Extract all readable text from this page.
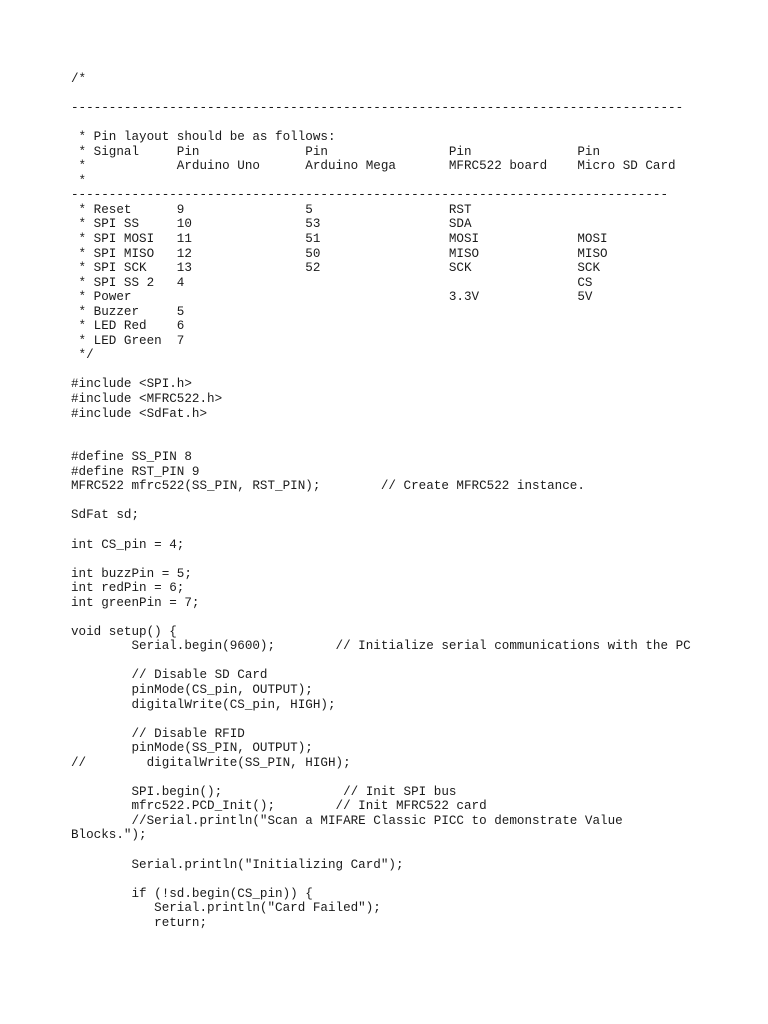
/*
---------------------------------------------------------------------------------
* Pin layout should be as follows:
* Signal     Pin              Pin                Pin              Pin
*            Arduino Uno      Arduino Mega       MFRC522 board    Micro SD Card
*
-------------------------------------------------------------------------------
* Reset      9                5                  RST
* SPI SS     10               53                 SDA
* SPI MOSI   11               51                 MOSI             MOSI
* SPI MISO   12               50                 MISO             MISO
* SPI SCK    13               52                 SCK              SCK
* SPI SS 2   4                                                    CS
* Power                                          3.3V             5V
* Buzzer     5
* LED Red    6
* LED Green  7
*/
#include <SPI.h>
#include <MFRC522.h>
#include <SdFat.h>
#define SS_PIN 8
#define RST_PIN 9
MFRC522 mfrc522(SS_PIN, RST_PIN);        // Create MFRC522 instance.
SdFat sd;
int CS_pin = 4;
int buzzPin = 5;
int redPin = 6;
int greenPin = 7;
void setup() {
Serial.begin(9600);        // Initialize serial communications with the PC
// Disable SD Card
pinMode(CS_pin, OUTPUT);
digitalWrite(CS_pin, HIGH);
// Disable RFID
pinMode(SS_PIN, OUTPUT);
//        digitalWrite(SS_PIN, HIGH);
SPI.begin();                // Init SPI bus
mfrc522.PCD_Init();        // Init MFRC522 card
//Serial.println("Scan a MIFARE Classic PICC to demonstrate Value
Blocks.");
Serial.println("Initializing Card");
if (!sd.begin(CS_pin)) {
Serial.println("Card Failed");
return;
